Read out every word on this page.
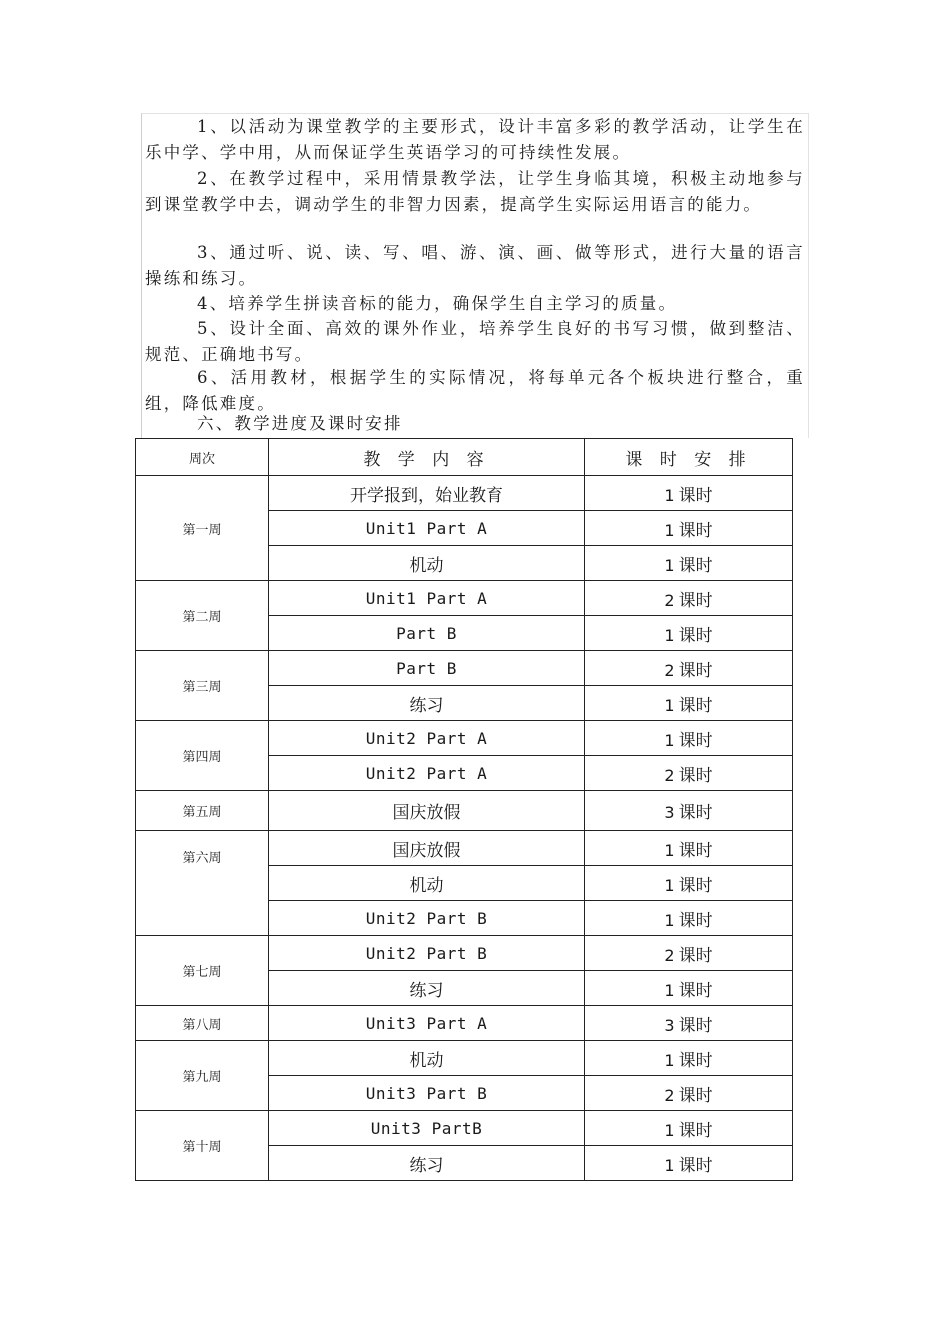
1、以活动为课堂教学的主要形式，设计丰富多彩的教学活动，让学生在乐中学、学中用，从而保证学生英语学习的可持续性发展。

2、在教学过程中，采用情景教学法，让学生身临其境，积极主动地参与到课堂教学中去，调动学生的非智力因素，提高学生实际运用语言的能力。

3、通过听、说、读、写、唱、游、演、画、做等形式，进行大量的语言操练和练习。

4、培养学生拼读音标的能力，确保学生自主学习的质量。

5、设计全面、高效的课外作业，培养学生良好的书写习惯，做到整洁、规范、正确地书写。

6、活用教材，根据学生的实际情况，将每单元各个板块进行整合，重组，降低难度。

六、教学进度及课时安排

周次	教 学 内 容	课 时 安 排
第一周	开学报到，始业教育	1 课时
	Unit1 Part A	1 课时
	机动	1 课时
第二周	Unit1 Part A	2 课时
	Part B	1 课时
第三周	Part B	2 课时
	练习	1 课时
第四周	Unit2 Part A	1 课时
	Unit2 Part A	2 课时
第五周	国庆放假	3 课时
第六周	国庆放假	1 课时
	机动	1 课时
	Unit2 Part B	1 课时
第七周	Unit2 Part B	2 课时
	练习	1 课时
第八周	Unit3 Part A	3 课时
第九周	机动	1 课时
	Unit3 Part B	2 课时
第十周	Unit3 PartB	1 课时
	练习	1 课时
